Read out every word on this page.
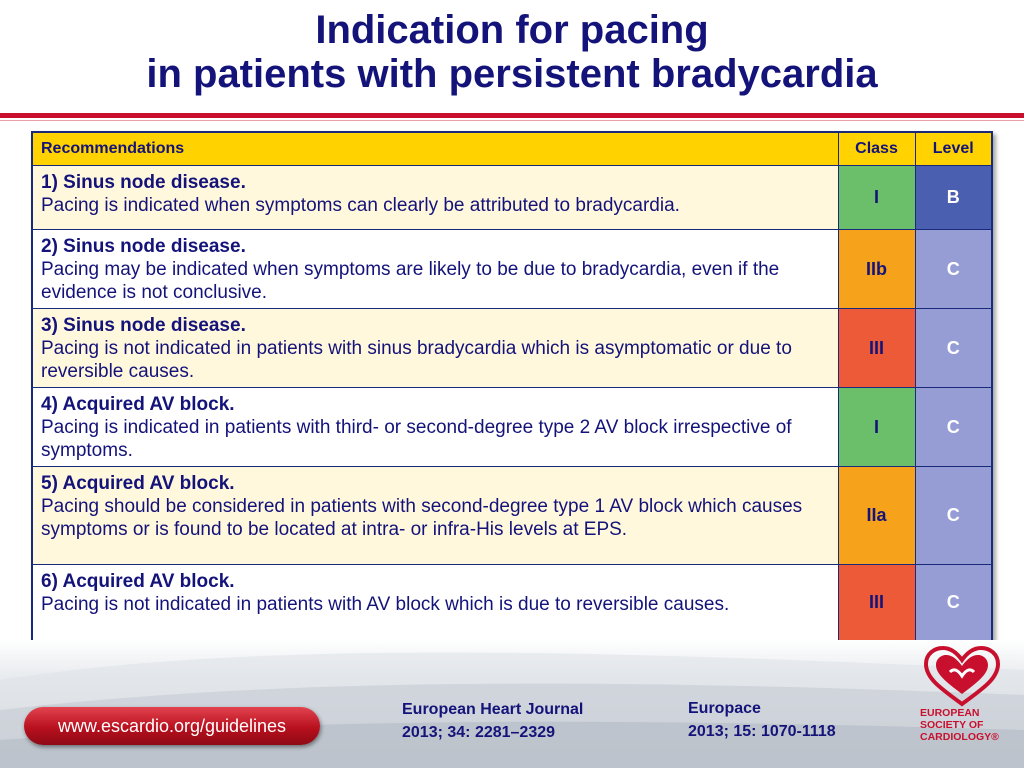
Indication for pacing
in patients with persistent bradycardia
Recommendations	Class	Level

1) Sinus node disease.
Pacing is indicated when symptoms can clearly be attributed to bradycardia.	I	B

2) Sinus node disease.
Pacing may be indicated when symptoms are likely to be due to bradycardia, even if the evidence is not conclusive.	IIb	C

3) Sinus node disease.
Pacing is not indicated in patients with sinus bradycardia which is asymptomatic or due to reversible causes.	III	C

4) Acquired AV block.
Pacing is indicated in patients with third- or second-degree type 2 AV block irrespective of symptoms.	I	C

5) Acquired AV block.
Pacing should be considered in patients with second-degree type 1 AV block which causes symptoms or is found to be located at intra- or infra-His levels at EPS.	IIa	C

6) Acquired AV block.
Pacing is not indicated in patients with AV block which is due to reversible causes.	III	C
www.escardio.org/guidelines
European Heart Journal
2013; 34: 2281–2329
Europace
2013; 15: 1070-1118
EUROPEAN
SOCIETY OF
CARDIOLOGY®
